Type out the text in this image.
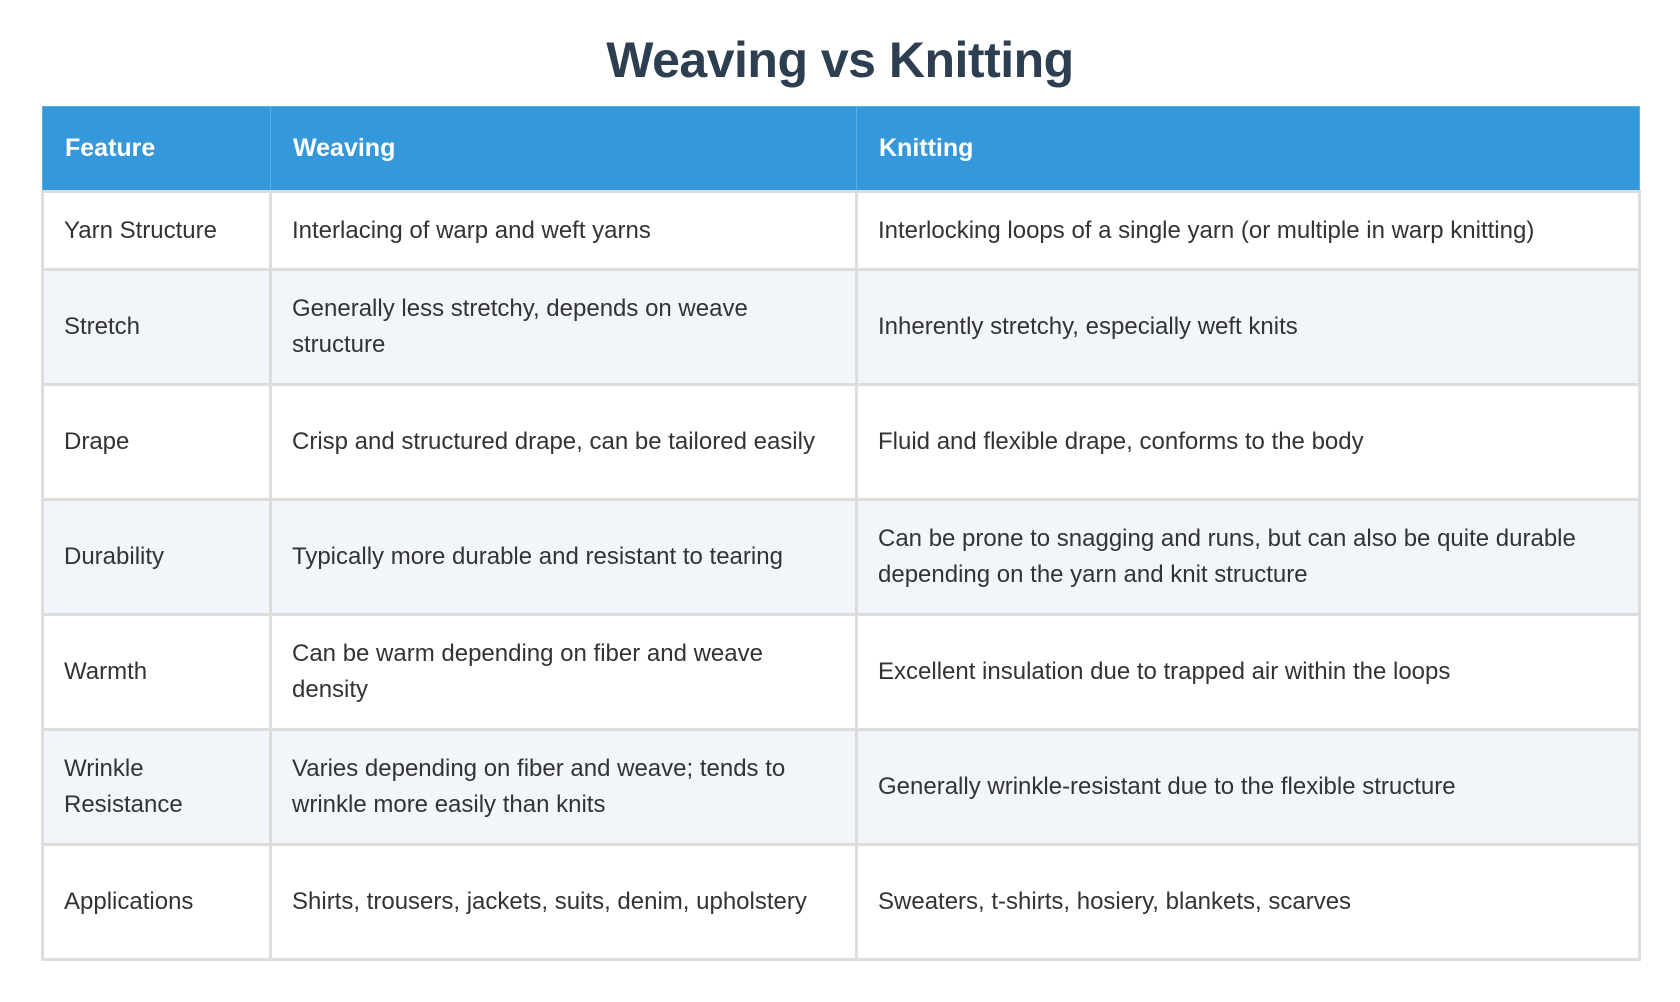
Weaving vs Knitting
Feature	Weaving	Knitting
Yarn Structure	Interlacing of warp and weft yarns	Interlocking loops of a single yarn (or multiple in warp knitting)
Stretch	Generally less stretchy, depends on weave structure	Inherently stretchy, especially weft knits
Drape	Crisp and structured drape, can be tailored easily	Fluid and flexible drape, conforms to the body
Durability	Typically more durable and resistant to tearing	Can be prone to snagging and runs, but can also be quite durable depending on the yarn and knit structure
Warmth	Can be warm depending on fiber and weave density	Excellent insulation due to trapped air within the loops
Wrinkle Resistance	Varies depending on fiber and weave; tends to wrinkle more easily than knits	Generally wrinkle-resistant due to the flexible structure
Applications	Shirts, trousers, jackets, suits, denim, upholstery	Sweaters, t-shirts, hosiery, blankets, scarves
